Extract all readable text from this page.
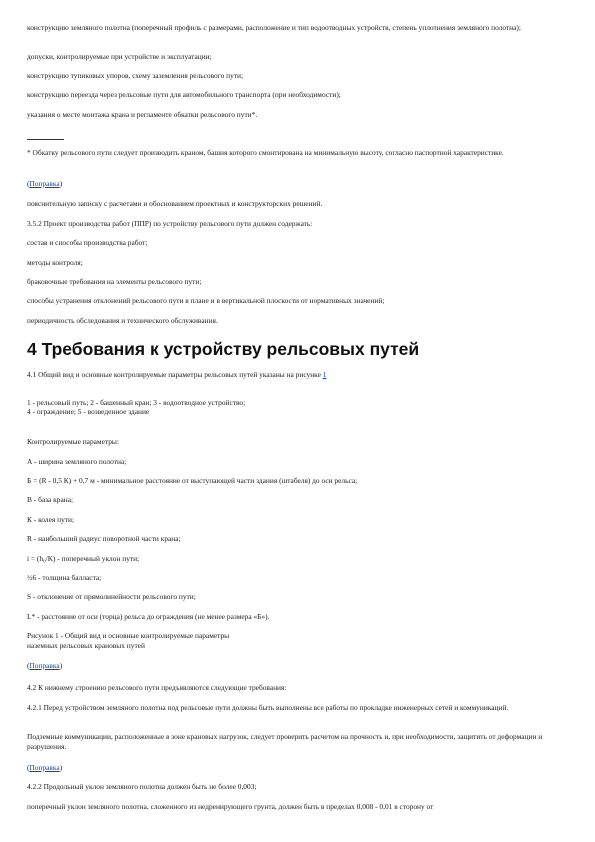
конструкцию земляного полотна (поперечный профиль с размерами, расположение и тип водоотводных устройств, степень уплотнения земляного полотна);
допуски, контролируемые при устройстве и эксплуатации;
конструкцию тупиковых упоров, схему заземления рельсового пути;
конструкцию переезда через рельсовые пути для автомобильного транспорта (при необходимости);
указания о месте монтажа крана и регламенте обкатки рельсового пути*.
* Обкатку рельсового пути следует производить краном, башня которого смонтирована на минимальную высоту, согласно паспортной характеристике.
(Поправка)
пояснительную записку с расчетами и обоснованием проектных и конструкторских решений.
3.5.2 Проект производства работ (ППР) по устройству рельсового пути должен содержать:
состав и способы производства работ;
методы контроля;
браковочные требования на элементы рельсового пути;
способы устранения отклонений рельсового пути в плане и в вертикальной плоскости от нормативных значений;
периодичность обследования и технического обслуживания.
4 Требования к устройству рельсовых путей
4.1 Общий вид и основные контролируемые параметры рельсовых путей указаны на рисунке 1
1 - рельсовый путь; 2 - башенный кран; 3 - водоотводное устройство;
4 - ограждение; 5 - возведенное здание
Контролируемые параметры:
А - ширина земляного полотна;
Б = (R - 0,5 К) + 0,7 м - минимальное расстояние от выступающей части здания (штабеля) до оси рельса;
В - база крана;
К - колея пути;
R - наибольший радиус поворотной части крана;
i = (h₀/K) - поперечный уклон пути;
½6 - толщина балласта;
S - отклонение от прямолинейности рельсового пути;
L* - расстояние от оси (торца) рельса до ограждения (не менее размера «Б»).
Рисунок 1 - Общий вид и основные контролируемые параметры
наземных рельсовых крановых путей
(Поправка)
4.2 К нижнему строению рельсового пути предъявляются следующие требования:
4.2.1 Перед устройством земляного полотна под рельсовые пути должны быть выполнены все работы по прокладке инженерных сетей и коммуникаций.
Подземные коммуникации, расположенные в зоне крановых нагрузок, следует проверить расчетом на прочность и, при необходимости, защитить от деформации и разрушения.
(Поправка)
4.2.2 Продольный уклон земляного полотна должен быть не более 0,003;
поперечный уклон земляного полотна, сложенного из недренирующего грунта, должен быть в пределах 0,008 - 0,01 в сторону от
